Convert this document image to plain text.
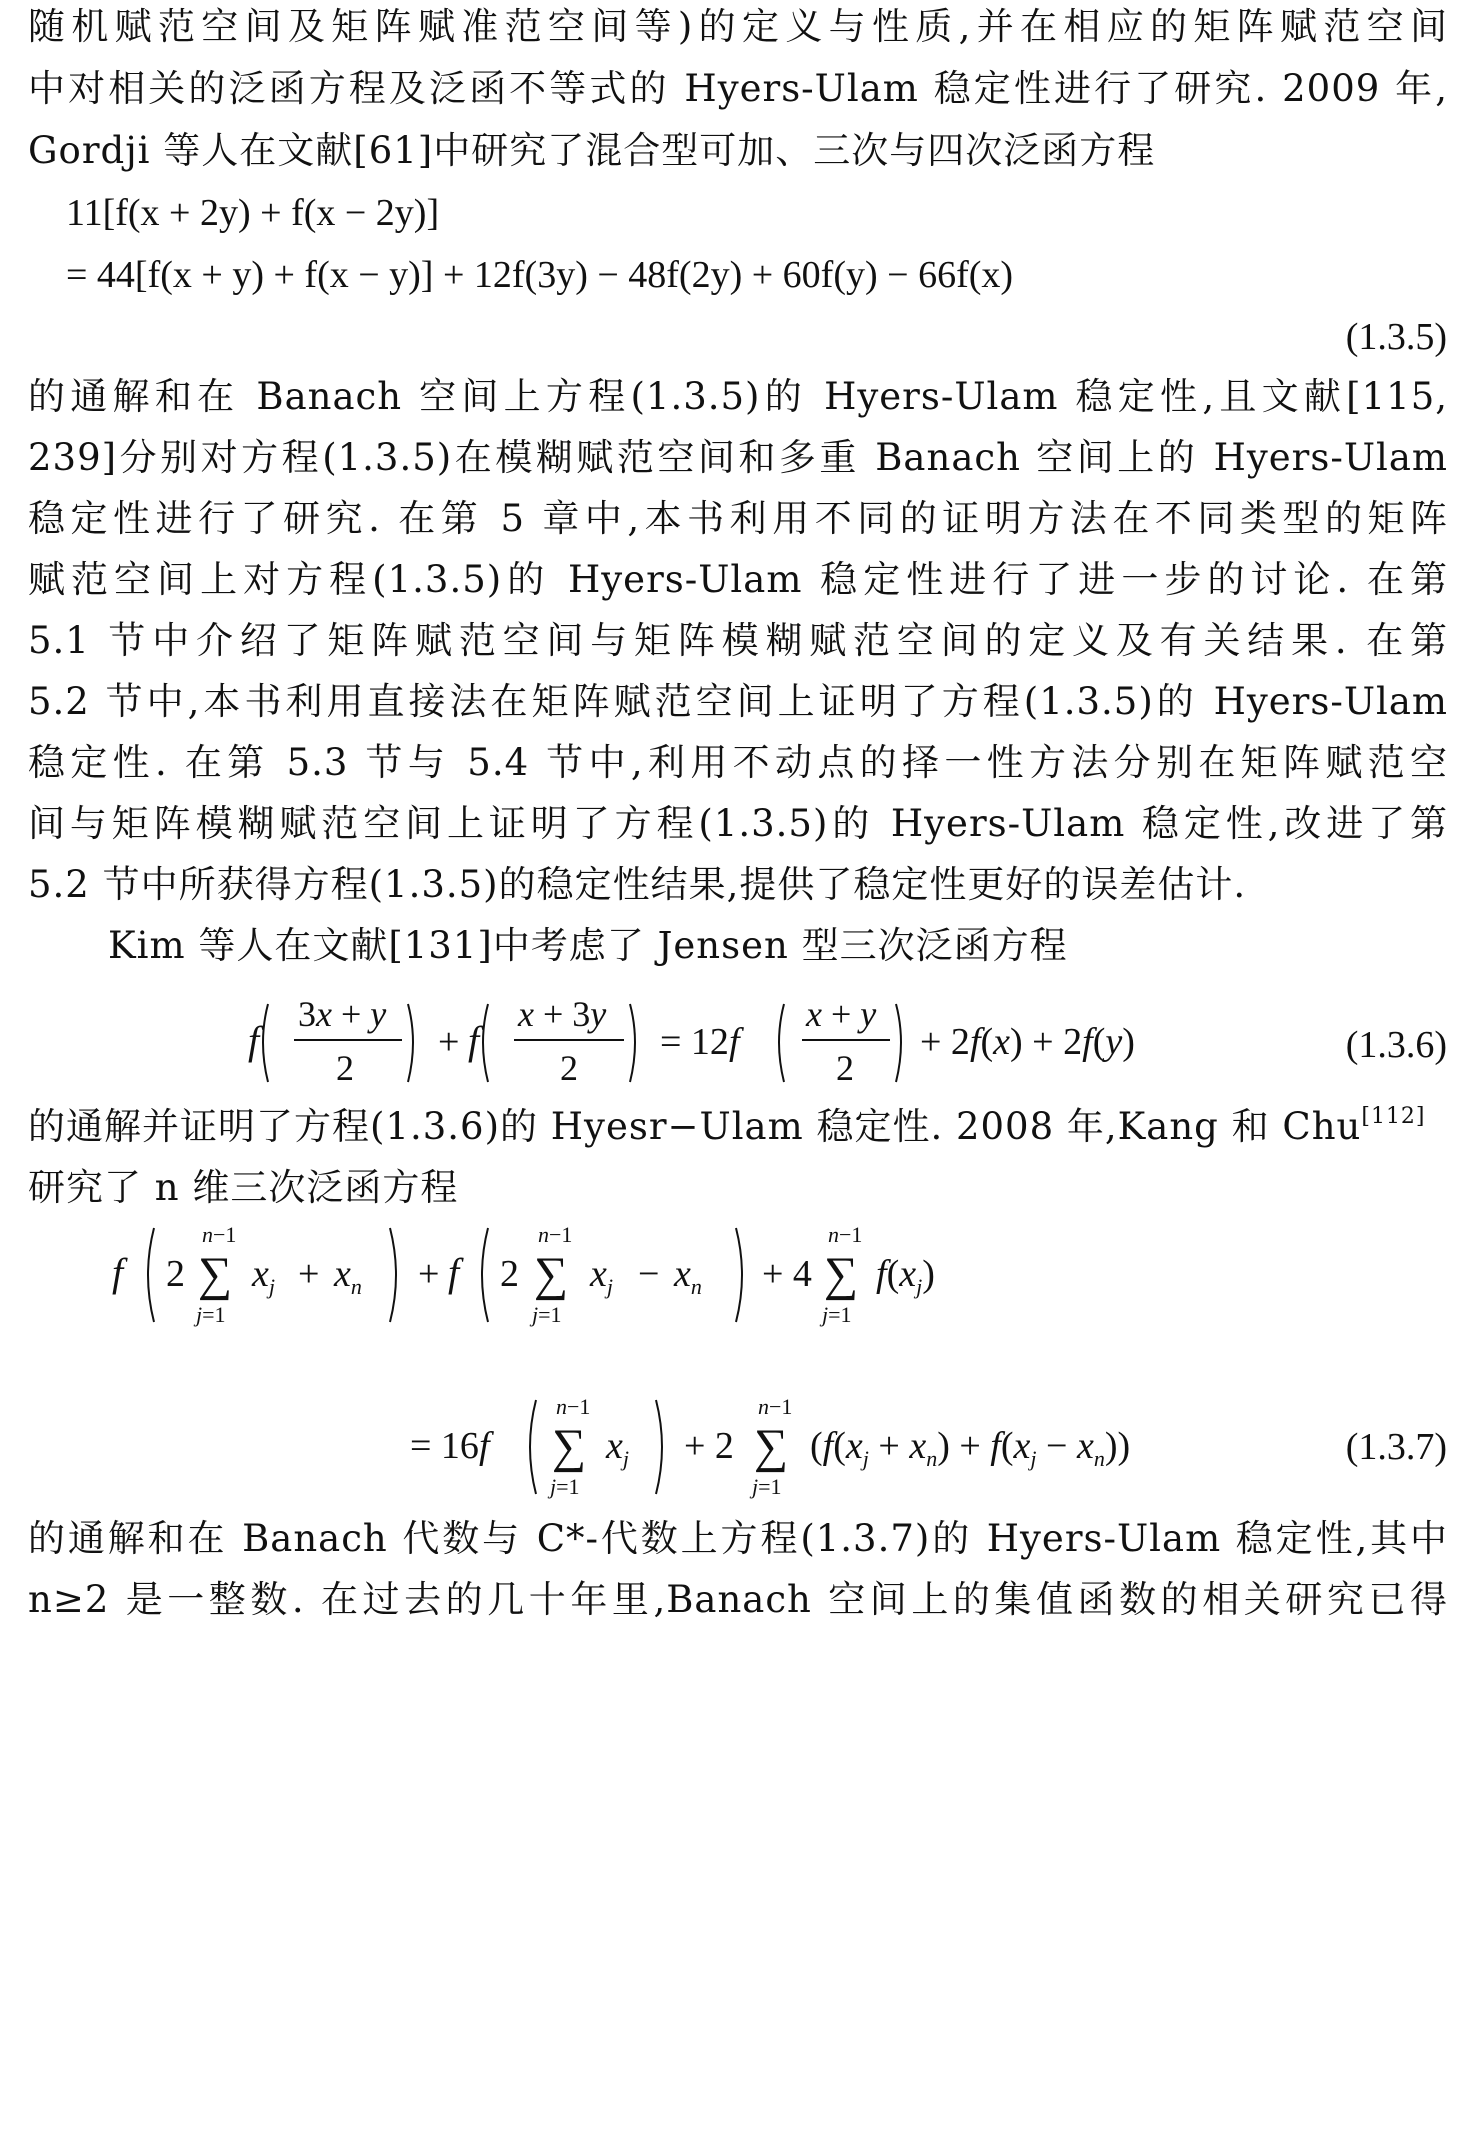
随机赋范空间及矩阵赋准范空间等)的定义与性质,并在相应的矩阵赋范空间
中对相关的泛函方程及泛函不等式的 Hyers-Ulam 稳定性进行了研究. 2009 年,
Gordji 等人在文献[61]中研究了混合型可加、三次与四次泛函方程
11[f(x + 2y) + f(x − 2y)]
= 44[f(x + y) + f(x − y)] + 12f(3y) − 48f(2y) + 60f(y) − 66f(x)
(1.3.5)
的通解和在 Banach 空间上方程(1.3.5)的 Hyers-Ulam 稳定性,且文献[115,
239]分别对方程(1.3.5)在模糊赋范空间和多重 Banach 空间上的 Hyers-Ulam
稳定性进行了研究. 在第 5 章中,本书利用不同的证明方法在不同类型的矩阵
赋范空间上对方程(1.3.5)的 Hyers-Ulam 稳定性进行了进一步的讨论. 在第
5.1 节中介绍了矩阵赋范空间与矩阵模糊赋范空间的定义及有关结果. 在第
5.2 节中,本书利用直接法在矩阵赋范空间上证明了方程(1.3.5)的 Hyers-Ulam
稳定性. 在第 5.3 节与 5.4 节中,利用不动点的择一性方法分别在矩阵赋范空
间与矩阵模糊赋范空间上证明了方程(1.3.5)的 Hyers-Ulam 稳定性,改进了第
5.2 节中所获得方程(1.3.5)的稳定性结果,提供了稳定性更好的误差估计.
Kim 等人在文献[131]中考虑了 Jensen 型三次泛函方程
f
3x + y
2
+ f
x + 3y
2
= 12f
x + y
2
+ 2f(x) + 2f(y)	(1.3.6)
的通解并证明了方程(1.3.6)的 Hyesr−Ulam 稳定性. 2008 年,Kang 和 Chu[112]
研究了 n 维三次泛函方程
f 2
n−1
∑
j=1
$x_j + x_n + f$ 2
n−1
∑
j=1
$x_j - x_n + 4$
n−1
∑
j=1
$f(x_j)$
= 16f
n−1
∑
j=1
$x_j + 2$
n−1
∑
j=1
$(f(x_j + x_n) + f(x_j - x_n))$	(1.3.7)
的通解和在 Banach 代数与 C*-代数上方程(1.3.7)的 Hyers-Ulam 稳定性,其中
n≥2 是一整数. 在过去的几十年里,Banach 空间上的集值函数的相关研究已得
